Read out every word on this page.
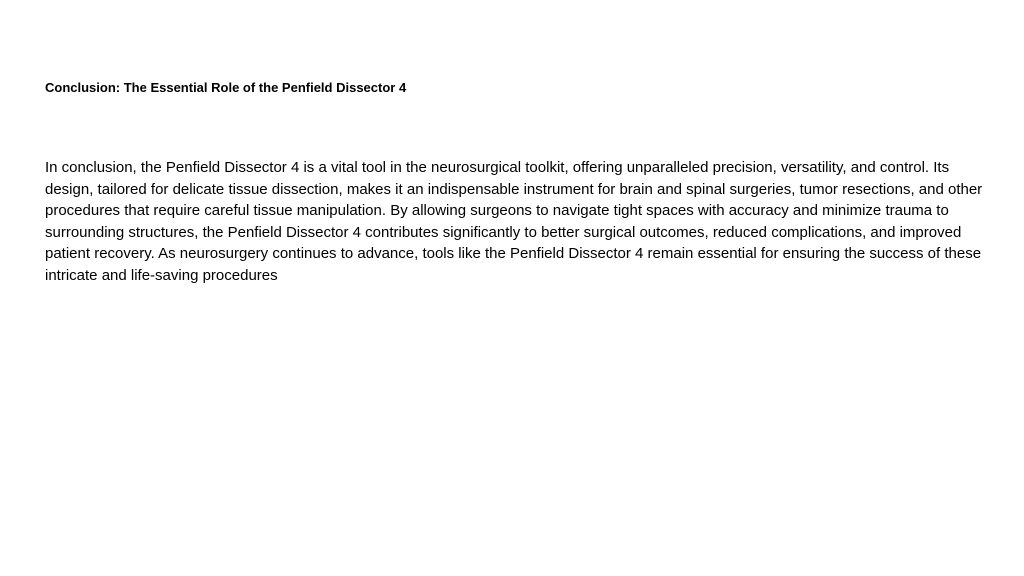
Conclusion: The Essential Role of the Penfield Dissector 4

In conclusion, the Penfield Dissector 4 is a vital tool in the neurosurgical toolkit, offering unparalleled precision, versatility, and control. Its design, tailored for delicate tissue dissection, makes it an indispensable instrument for brain and spinal surgeries, tumor resections, and other procedures that require careful tissue manipulation. By allowing surgeons to navigate tight spaces with accuracy and minimize trauma to surrounding structures, the Penfield Dissector 4 contributes significantly to better surgical outcomes, reduced complications, and improved patient recovery. As neurosurgery continues to advance, tools like the Penfield Dissector 4 remain essential for ensuring the success of these intricate and life-saving procedures
